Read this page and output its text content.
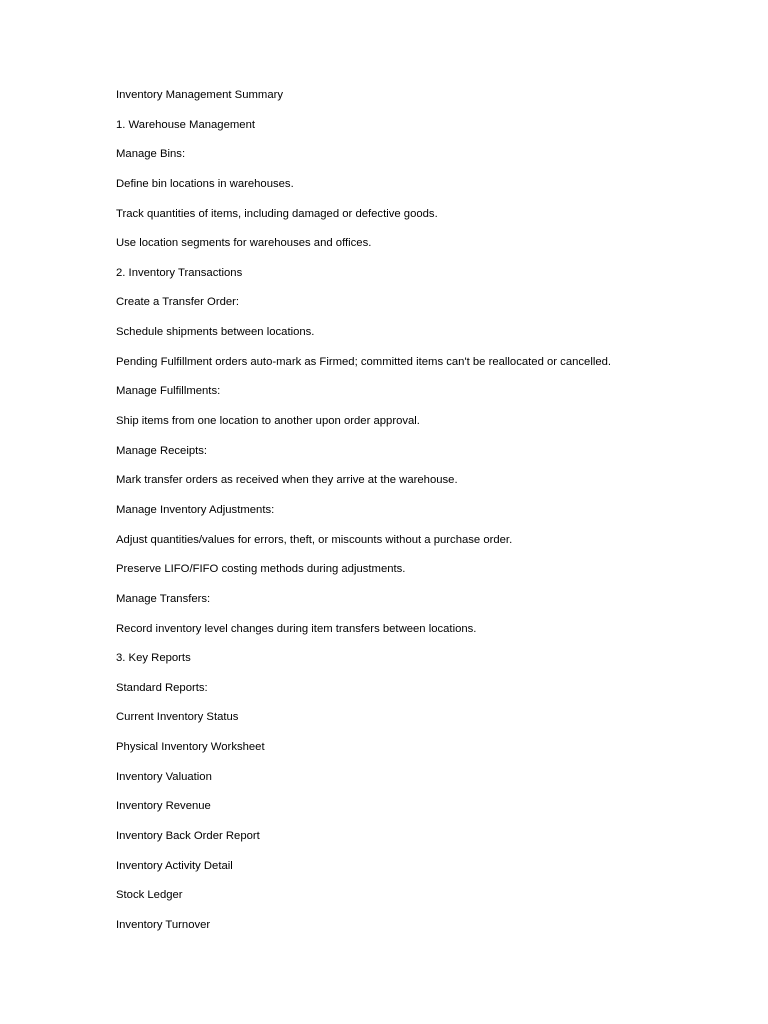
Inventory Management Summary
1. Warehouse Management
Manage Bins:
Define bin locations in warehouses.
Track quantities of items, including damaged or defective goods.
Use location segments for warehouses and offices.
2. Inventory Transactions
Create a Transfer Order:
Schedule shipments between locations.
Pending Fulfillment orders auto-mark as Firmed; committed items can't be reallocated or cancelled.
Manage Fulfillments:
Ship items from one location to another upon order approval.
Manage Receipts:
Mark transfer orders as received when they arrive at the warehouse.
Manage Inventory Adjustments:
Adjust quantities/values for errors, theft, or miscounts without a purchase order.
Preserve LIFO/FIFO costing methods during adjustments.
Manage Transfers:
Record inventory level changes during item transfers between locations.
3. Key Reports
Standard Reports:
Current Inventory Status
Physical Inventory Worksheet
Inventory Valuation
Inventory Revenue
Inventory Back Order Report
Inventory Activity Detail
Stock Ledger
Inventory Turnover
